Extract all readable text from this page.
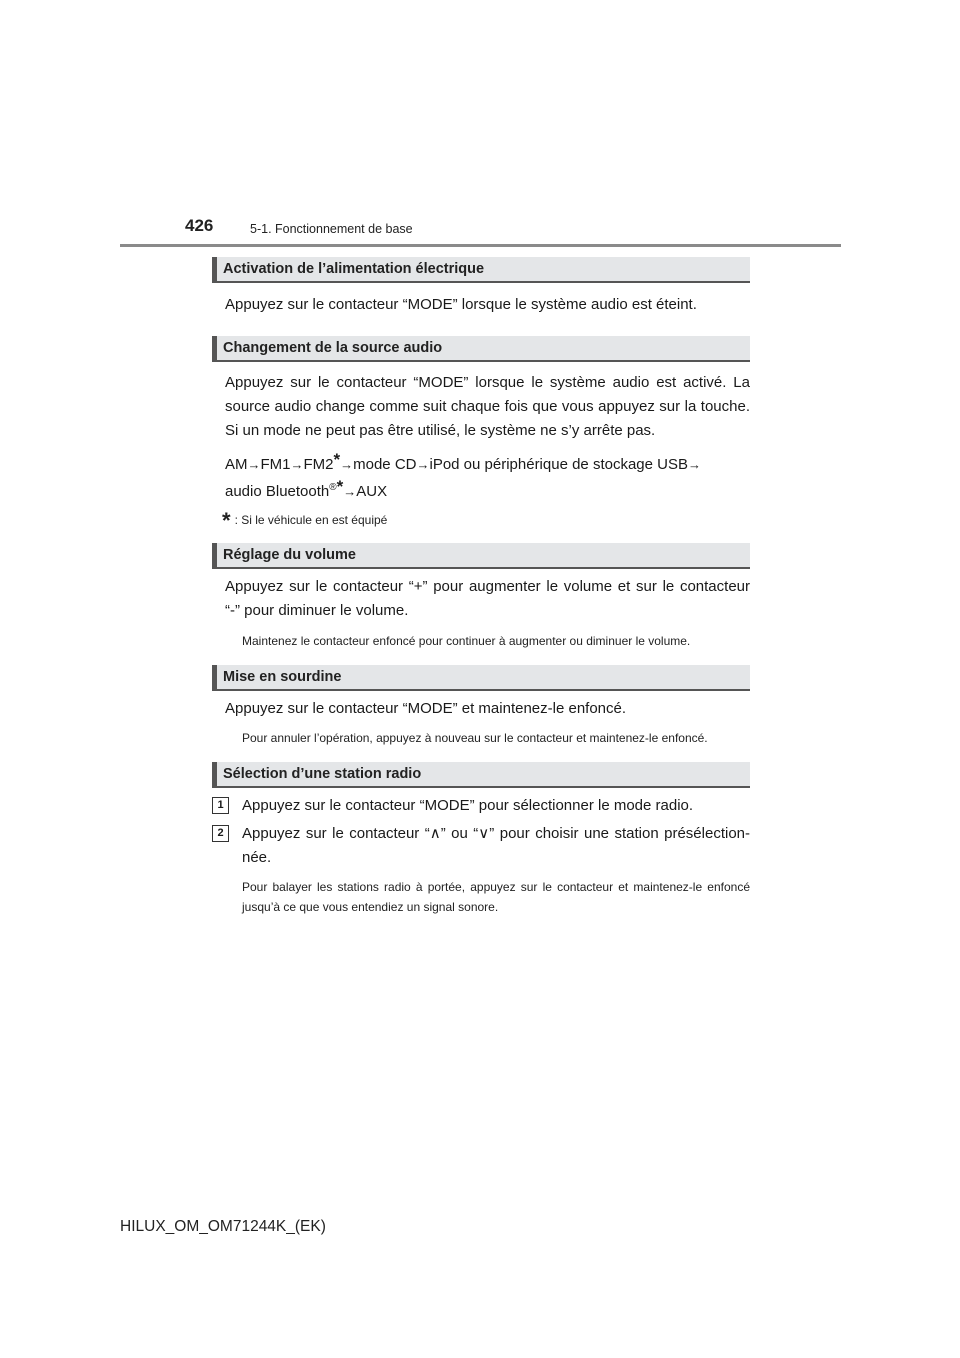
426	5-1. Fonctionnement de base
Activation de l’alimentation électrique

Appuyez sur le contacteur “MODE” lorsque le système audio est éteint.

Changement de la source audio

Appuyez sur le contacteur “MODE” lorsque le système audio est activé. La source audio change comme suit chaque fois que vous appuyez sur la touche. Si un mode ne peut pas être utilisé, le système ne s’y arrête pas.

AM→FM1→FM2*→mode CD→iPod ou périphérique de stockage USB→
audio Bluetooth®*→AUX

* : Si le véhicule en est équipé
Réglage du volume

Appuyez sur le contacteur “+” pour augmenter le volume et sur le contacteur “-” pour diminuer le volume.

Maintenez le contacteur enfoncé pour continuer à augmenter ou diminuer le volume.

Mise en sourdine

Appuyez sur le contacteur “MODE” et maintenez-le enfoncé.

Pour annuler l’opération, appuyez à nouveau sur le contacteur et maintenez-le enfoncé.

Sélection d’une station radio
1	Appuyez sur le contacteur “MODE” pour sélectionner le mode radio.
2	Appuyez sur le contacteur “∧” ou “∨” pour choisir une station présélection-née.

Pour balayer les stations radio à portée, appuyez sur le contacteur et maintenez-le enfoncé jusqu’à ce que vous entendiez un signal sonore.

HILUX_OM_OM71244K_(EK)
